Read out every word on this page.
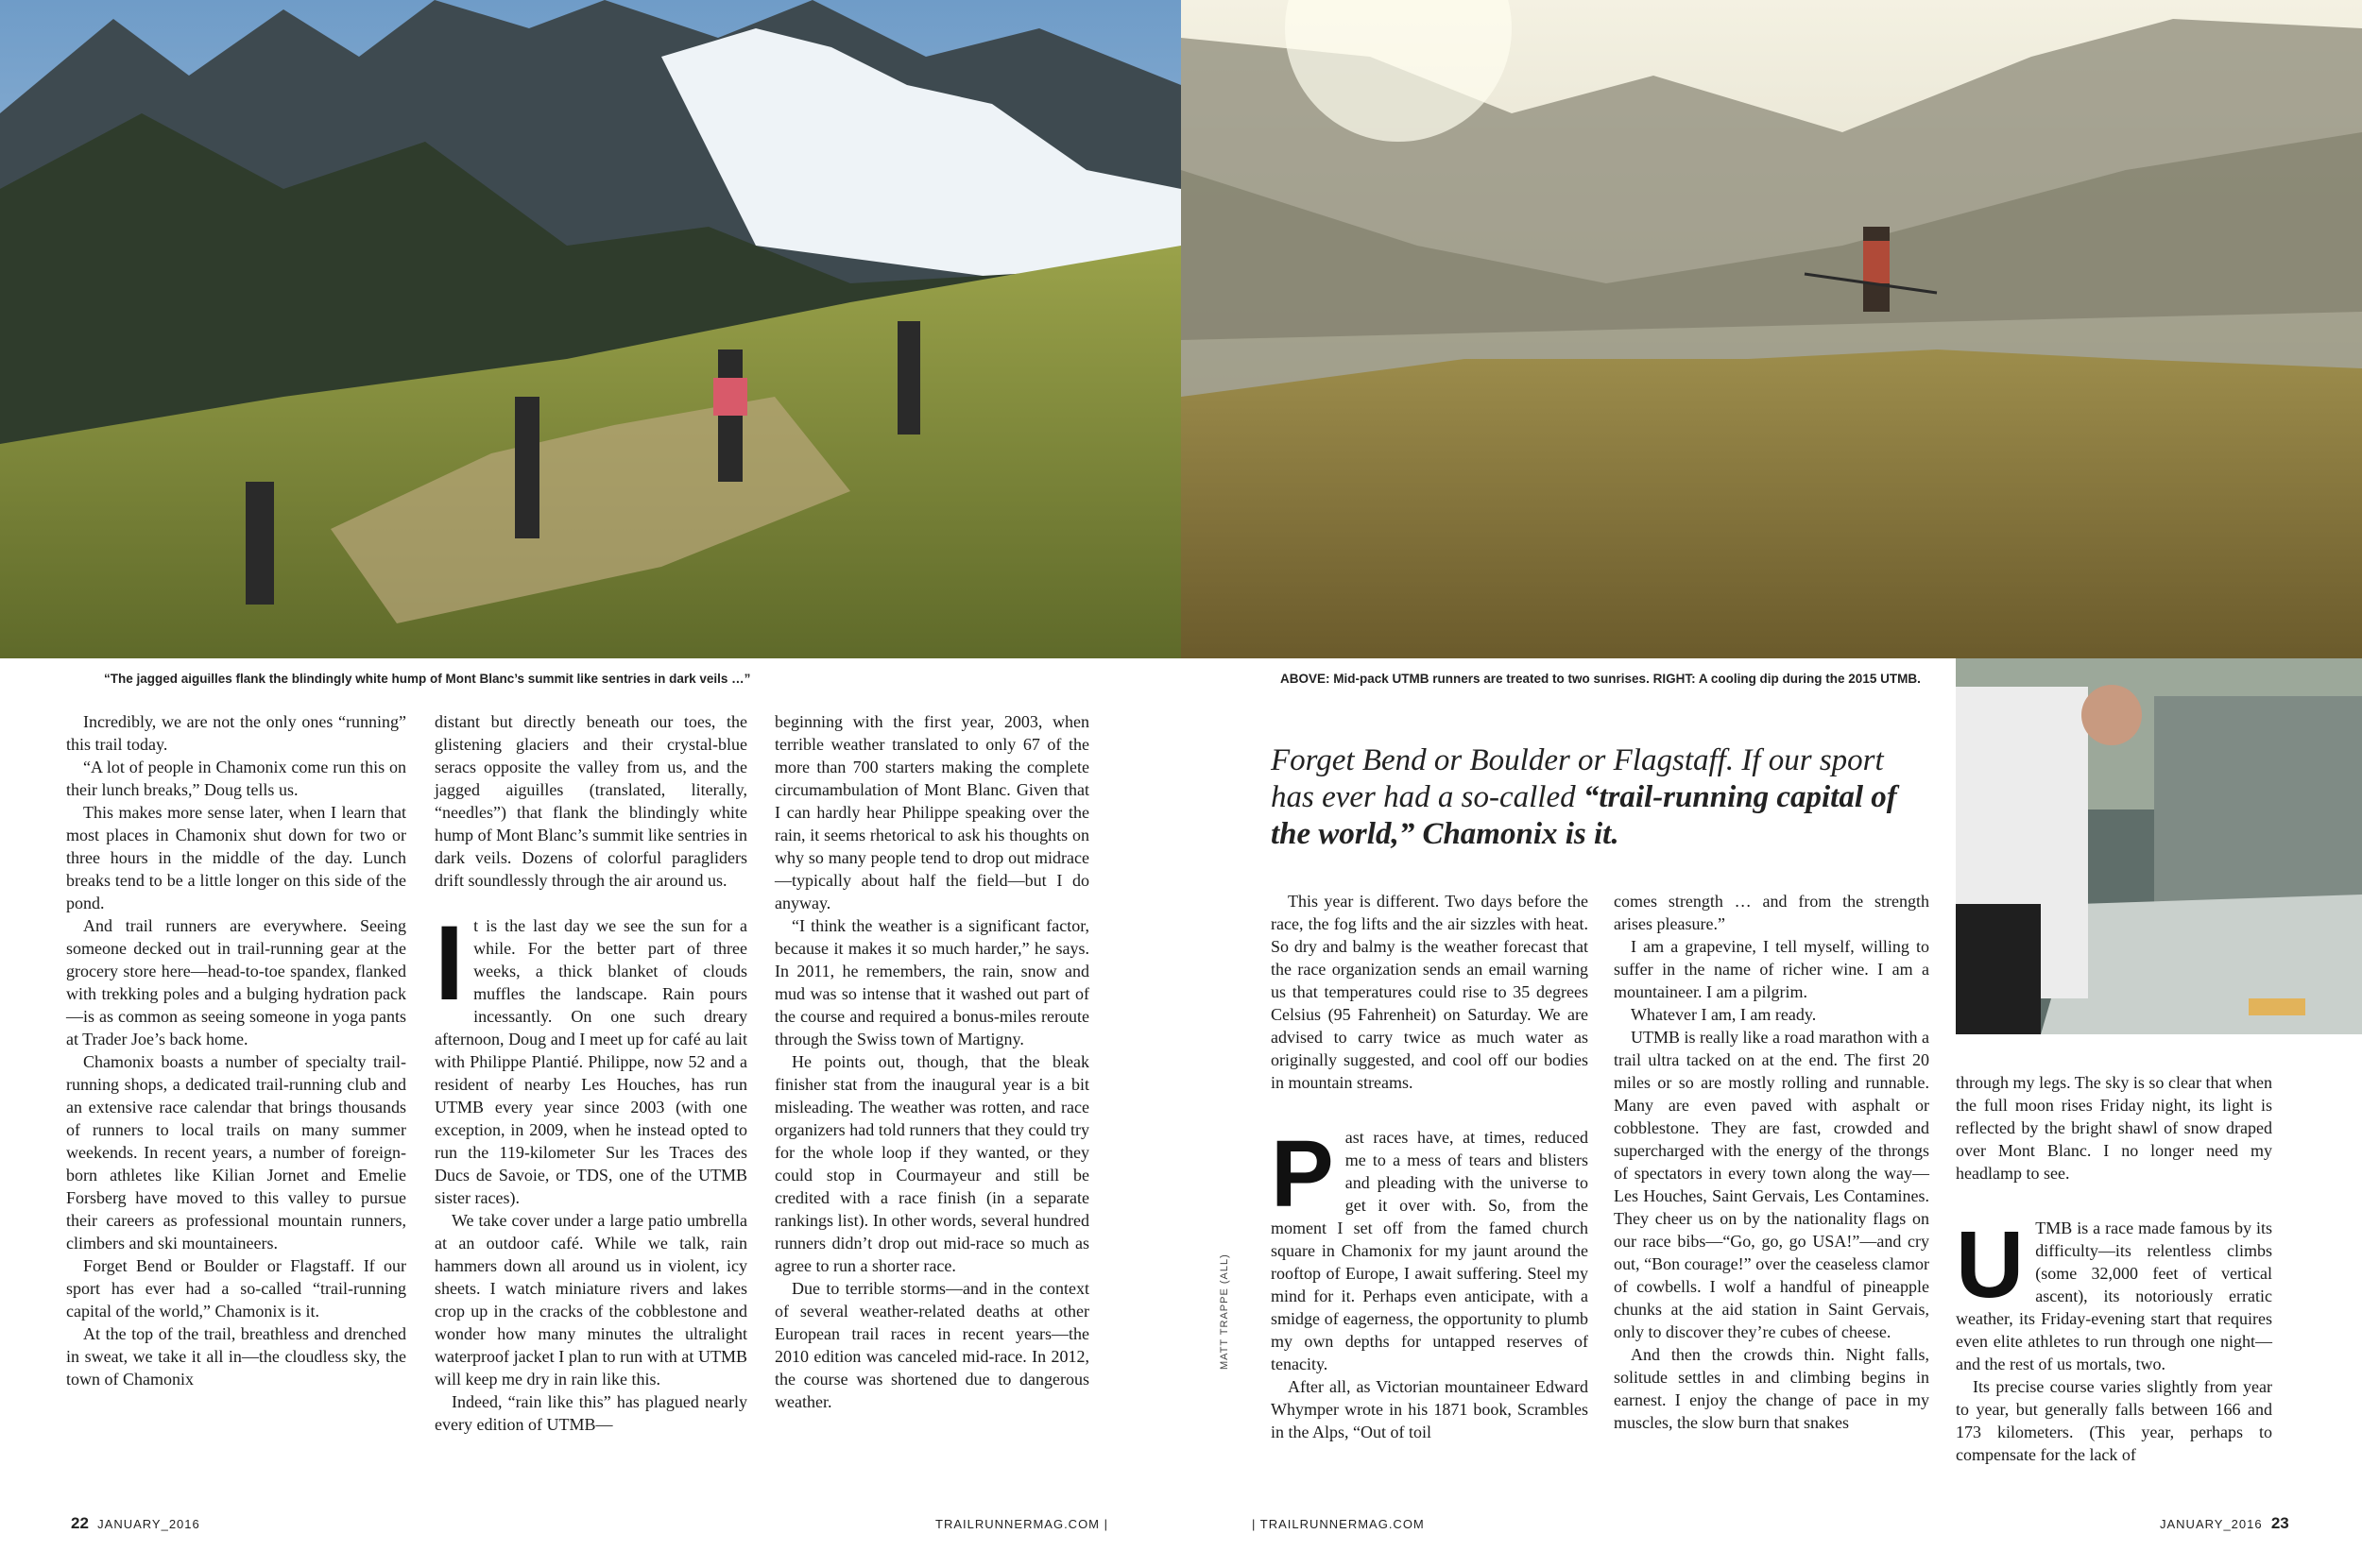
“The jagged aiguilles flank the blindingly white hump of Mont Blanc’s summit like sentries in dark veils …”	ABOVE: Mid-pack UTMB runners are treated to two sunrises. RIGHT: A cooling dip during the 2015 UTMB.

Incredibly, we are not the only ones “running” this trail today.

“A lot of people in Chamonix come run this on their lunch breaks,” Doug tells us.

This makes more sense later, when I learn that most places in Chamonix shut down for two or three hours in the middle of the day. Lunch breaks tend to be a little longer on this side of the pond.

And trail runners are everywhere. Seeing someone decked out in trail-running gear at the grocery store here—head-to-toe spandex, flanked with trekking poles and a bulging hydration pack—is as common as seeing someone in yoga pants at Trader Joe’s back home.

Chamonix boasts a number of specialty trail-running shops, a dedicated trail-running club and an extensive race calendar that brings thousands of runners to local trails on many summer weekends. In recent years, a number of foreign-born athletes like Kilian Jornet and Emelie Forsberg have moved to this valley to pursue their careers as professional mountain runners, climbers and ski mountaineers.

Forget Bend or Boulder or Flagstaff. If our sport has ever had a so-called “trail-running capital of the world,” Chamonix is it.

At the top of the trail, breathless and drenched in sweat, we take it all in—the cloudless sky, the town of Chamonix

distant but directly beneath our toes, the glistening glaciers and their crystal-blue seracs opposite the valley from us, and the jagged aiguilles (translated, literally, “needles”) that flank the blindingly white hump of Mont Blanc’s summit like sentries in dark veils. Dozens of colorful paragliders drift soundlessly through the air around us.

It is the last day we see the sun for a while. For the better part of three weeks, a thick blanket of clouds muffles the landscape. Rain pours incessantly. On one such dreary afternoon, Doug and I meet up for café au lait with Philippe Plantié. Philippe, now 52 and a resident of nearby Les Houches, has run UTMB every year since 2003 (with one exception, in 2009, when he instead opted to run the 119-kilometer Sur les Traces des Ducs de Savoie, or TDS, one of the UTMB sister races).

We take cover under a large patio umbrella at an outdoor café. While we talk, rain hammers down all around us in violent, icy sheets. I watch miniature rivers and lakes crop up in the cracks of the cobblestone and wonder how many minutes the ultralight waterproof jacket I plan to run with at UTMB will keep me dry in rain like this.

Indeed, “rain like this” has plagued nearly every edition of UTMB—

beginning with the first year, 2003, when terrible weather translated to only 67 of the more than 700 starters making the complete circumambulation of Mont Blanc. Given that I can hardly hear Philippe speaking over the rain, it seems rhetorical to ask his thoughts on why so many people tend to drop out midrace—typically about half the field—but I do anyway.

“I think the weather is a significant factor, because it makes it so much harder,” he says. In 2011, he remembers, the rain, snow and mud was so intense that it washed out part of the course and required a bonus-miles reroute through the Swiss town of Martigny.

He points out, though, that the bleak finisher stat from the inaugural year is a bit misleading. The weather was rotten, and race organizers had told runners that they could try for the whole loop if they wanted, or they could stop in Courmayeur and still be credited with a race finish (in a separate rankings list). In other words, several hundred runners didn’t drop out mid-race so much as agree to run a shorter race.

Due to terrible storms—and in the context of several weather-related deaths at other European trail races in recent years—the 2010 edition was canceled mid-race. In 2012, the course was shortened due to dangerous weather.

Forget Bend or Boulder or Flagstaff. If our sport has ever had a so-called “trail-running capital of the world,” Chamonix is it.
MATT TRAPPE (ALL)

This year is different. Two days before the race, the fog lifts and the air sizzles with heat. So dry and balmy is the weather forecast that the race organization sends an email warning us that temperatures could rise to 35 degrees Celsius (95 Fahrenheit) on Saturday. We are advised to carry twice as much water as originally suggested, and cool off our bodies in mountain streams.

Past races have, at times, reduced me to a mess of tears and blisters and pleading with the universe to get it over with. So, from the moment I set off from the famed church square in Chamonix for my jaunt around the rooftop of Europe, I await suffering. Steel my mind for it. Perhaps even anticipate, with a smidge of eagerness, the opportunity to plumb my own depths for untapped reserves of tenacity.

After all, as Victorian mountaineer Edward Whymper wrote in his 1871 book, Scrambles in the Alps, “Out of toil

comes strength … and from the strength arises pleasure.”

I am a grapevine, I tell myself, willing to suffer in the name of richer wine. I am a mountaineer. I am a pilgrim.

Whatever I am, I am ready.

UTMB is really like a road marathon with a trail ultra tacked on at the end. The first 20 miles or so are mostly rolling and runnable. Many are even paved with asphalt or cobblestone. They are fast, crowded and supercharged with the energy of the throngs of spectators in every town along the way—Les Houches, Saint Gervais, Les Contamines. They cheer us on by the nationality flags on our race bibs—“Go, go, go USA!”—and cry out, “Bon courage!” over the ceaseless clamor of cowbells. I wolf a handful of pineapple chunks at the aid station in Saint Gervais, only to discover they’re cubes of cheese.

And then the crowds thin. Night falls, solitude settles in and climbing begins in earnest. I enjoy the change of pace in my muscles, the slow burn that snakes

through my legs. The sky is so clear that when the full moon rises Friday night, its light is reflected by the bright shawl of snow draped over Mont Blanc. I no longer need my headlamp to see.

UTMB is a race made famous by its difficulty—its relentless climbs (some 32,000 feet of vertical ascent), its notoriously erratic weather, its Friday-evening start that requires even elite athletes to run through one night—and the rest of us mortals, two.

Its precise course varies slightly from year to year, but generally falls between 166 and 173 kilometers. (This year, perhaps to compensate for the lack of

22 JANUARY_2016	TRAILRUNNERMAG.COM |	| TRAILRUNNERMAG.COM	JANUARY_2016 23
